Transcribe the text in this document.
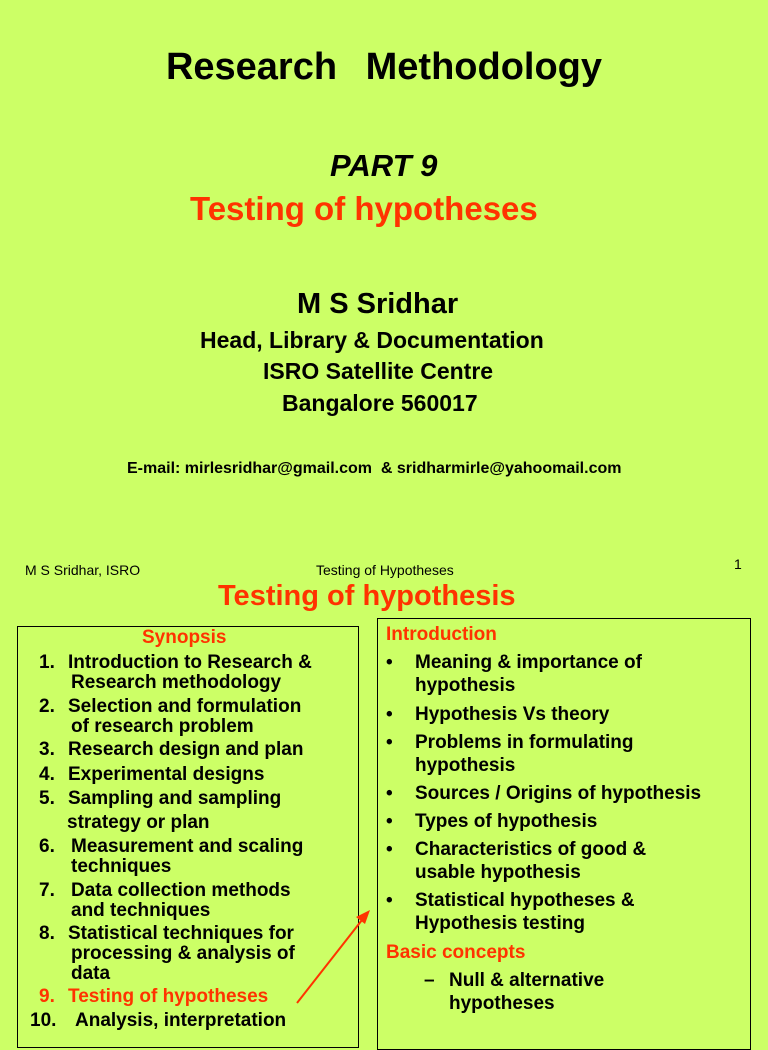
Research Methodology
PART 9
Testing of hypotheses
M S Sridhar
Head, Library & Documentation
ISRO Satellite Centre
Bangalore 560017
E-mail: mirlesridhar@gmail.com  & sridharmirle@yahoomail.com
M S Sridhar, ISRO	Testing of Hypotheses	1
Testing of hypothesis
Synopsis
1. Introduction to Research &
Research methodology
2. Selection and formulation
of research problem
3. Research design and plan
4. Experimental designs
5. Sampling and sampling
strategy or plan
6. Measurement and scaling
techniques
7. Data collection methods
and techniques
8. Statistical techniques for
processing & analysis of
data
9. Testing of hypotheses
10. Analysis, interpretation
Introduction
• Meaning & importance of
hypothesis
• Hypothesis Vs theory
• Problems in formulating
hypothesis
• Sources / Origins of hypothesis
• Types of hypothesis
• Characteristics of good &
usable hypothesis
• Statistical hypotheses &
Hypothesis testing
Basic concepts
– Null & alternative
hypotheses
